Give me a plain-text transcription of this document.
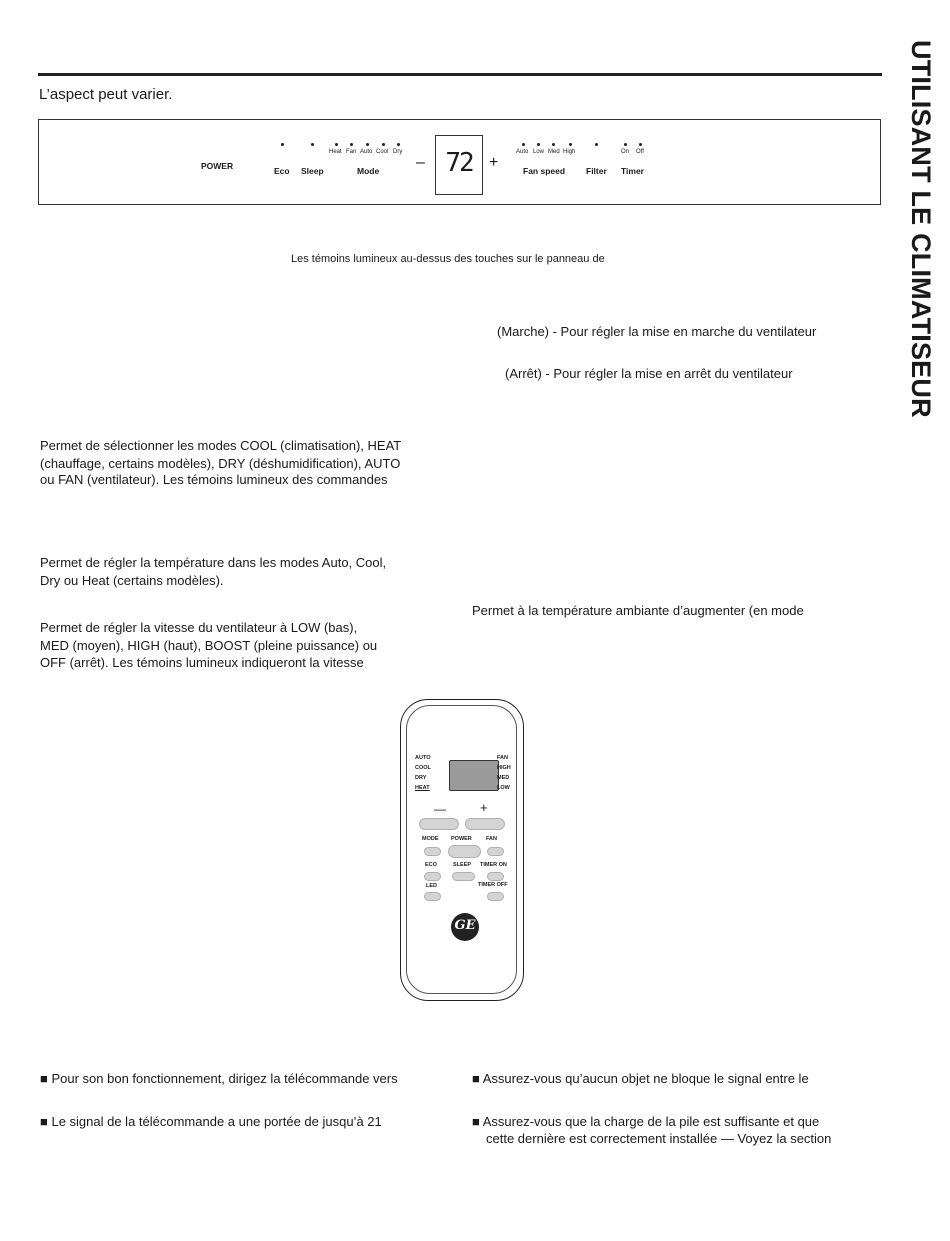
L’aspect peut varier.	UTILISANT LE CLIMATISEUR
POWER	Eco Sleep
Heat Fan Auto Cool Dry
Mode – 72	+
Auto Low Med High
Fan speed Filter
On Off
Timer
Les témoins lumineux au-dessus des touches sur le panneau de
(Marche) - Pour régler la mise en marche du ventilateur
(Arrêt) - Pour régler la mise en arrêt du ventilateur
Permet de sélectionner les modes COOL (climatisation), HEAT
(chauffage, certains modèles), DRY (déshumidification), AUTO
ou FAN (ventilateur). Les témoins lumineux des commandes
Permet de régler la température dans les modes Auto, Cool,
Dry ou Heat (certains modèles).
Permet à la température ambiante d’augmenter (en mode
Permet de régler la vitesse du ventilateur à LOW (bas),
MED (moyen), HIGH (haut), BOOST (pleine puissance) ou
OFF (arrêt). Les témoins lumineux indiqueront la vitesse
AUTO
COOL
DRY
HEAT
FAN
HIGH
MED
LOW
—	+
MODE POWER	FAN
ECO	SLEEP TIMER ON
LED	TIMER OFF
GE
■ Pour son bon fonctionnement, dirigez la télécommande vers
■ Le signal de la télécommande a une portée de jusqu’à 21
■ Assurez-vous qu’aucun objet ne bloque le signal entre le
■ Assurez-vous que la charge de la pile est suffisante et que
cette dernière est correctement installée — Voyez la section
